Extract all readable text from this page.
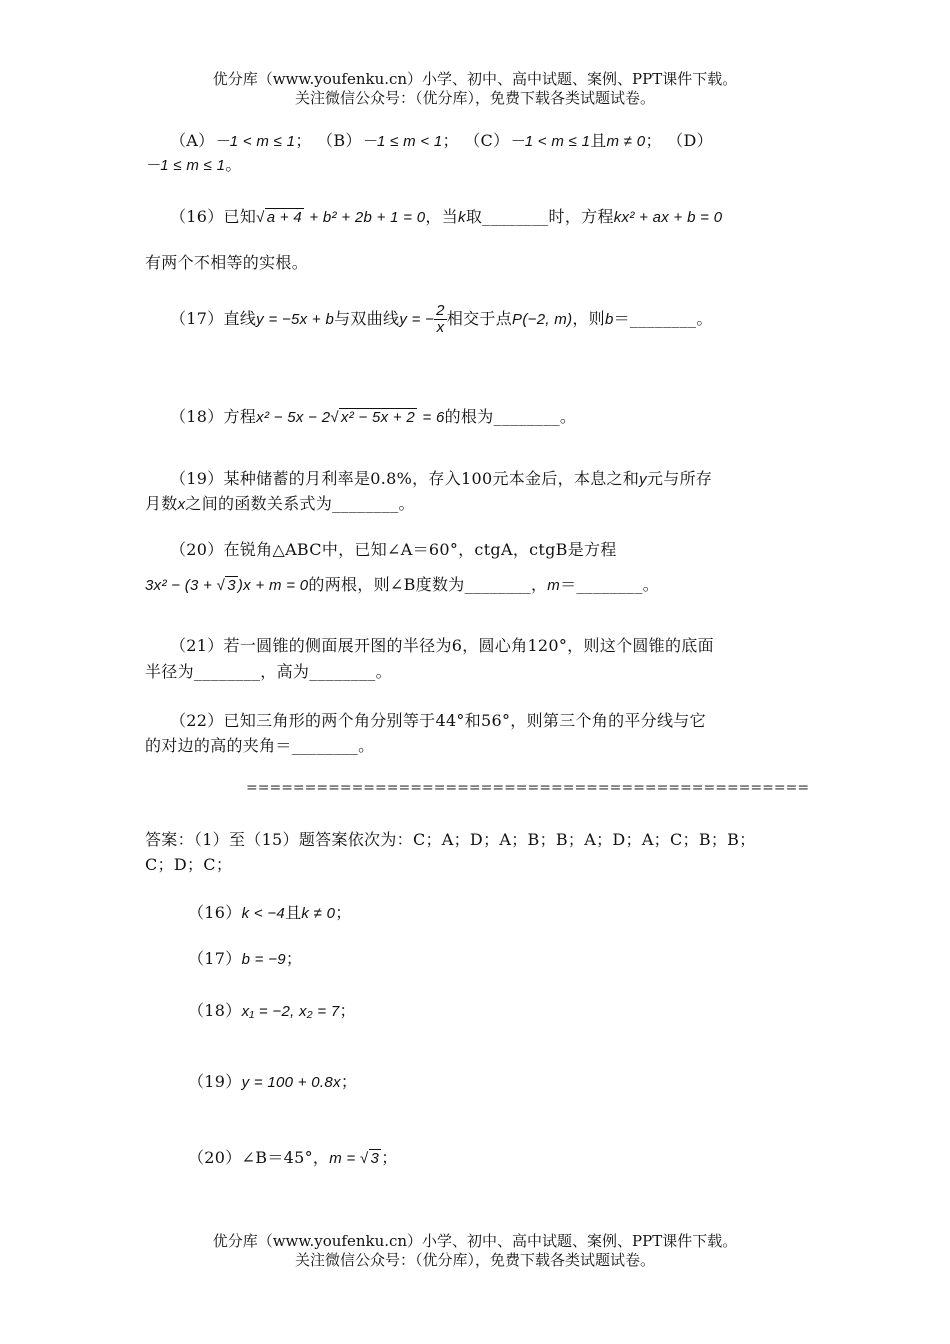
优分库（www.youfenku.cn）小学、初中、高中试题、案例、PPT课件下载。
关注微信公众号：（优分库），免费下载各类试题试卷。
（A）－1 < m ≤ 1； （B）－1 ≤ m < 1； （C）－1 < m ≤ 1且m ≠ 0； （D）
－1 ≤ m ≤ 1。
（16）已知√ a + 4 + b² + 2b + 1 = 0，当k取________时，方程kx² + ax + b = 0
有两个不相等的实根。
（17）直线y = −5x + b与双曲线y = − $\frac{2}{x}$ 相交于点P(−2, m)，则b＝________。
（18）方程x² − 5x − 2√ x² − 5x + 2 = 6的根为________。
（19）某种储蓄的月利率是0.8%，存入100元本金后，本息之和y元与所存
月数x之间的函数关系式为________。
（20）在锐角△ABC中，已知∠A＝60°，ctgA，ctgB是方程
3x² − (3 + √ 3 )x + m = 0的两根，则∠B度数为________，m＝________。
（21）若一圆锥的侧面展开图的半径为6，圆心角120°，则这个圆锥的底面
半径为________，高为________。
（22）已知三角形的两个角分别等于44°和56°，则第三个角的平分线与它
的对边的高的夹角＝________。
================================================
答案：（1）至（15）题答案依次为：C；A；D；A；B；B；A；D；A；C；B；B；
C；D；C；
（16）k < −4且k ≠ 0；
（17）b = −9；
（18）x₁ = −2, x₂ = 7；
（19）y = 100 + 0.8x；
（20）∠B＝45°，m = √ 3 ；
优分库（www.youfenku.cn）小学、初中、高中试题、案例、PPT课件下载。
关注微信公众号：（优分库），免费下载各类试题试卷。
